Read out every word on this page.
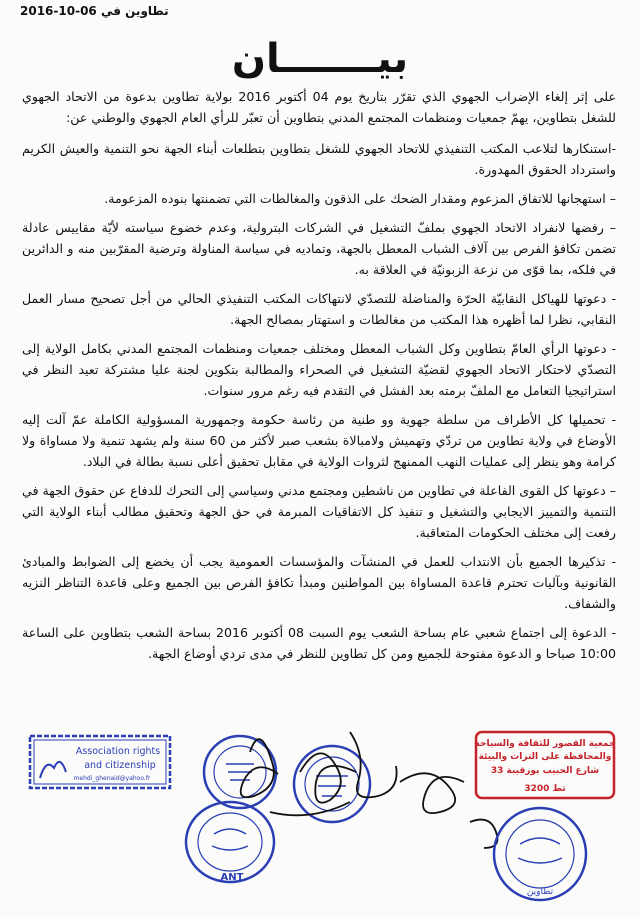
تطاوين في 06-10-2016
بيـــــــان

على إثر إلغاء الإضراب الجهوي الذي تقرّر بتاريخ يوم 04 أكتوبر 2016 بولاية تطاوين بدعوة من الاتحاد الجهوي للشغل بتطاوين، يهمّ جمعيات ومنظمات المجتمع المدني بتطاوين أن تعبّر للرأي العام الجهوي والوطني عن:

-استنكارها لتلاعب المكتب التنفيذي للاتحاد الجهوي للشغل بتطاوين بتطلعات أبناء الجهة نحو التنمية والعيش الكريم واسترداد الحقوق المهدورة.

– استهجانها للاتفاق المزعوم ومقدار الضحك على الذقون والمغالطات التي تضمنتها بنوده المزعومة.

– رفضها لانفراد الاتحاد الجهوي بملفّ التشغيل في الشركات البترولية، وعدم خضوع سياسته لأيّة مقاييس عادلة تضمن تكافؤ الفرص بين آلاف الشباب المعطل بالجهة، وتماديه في سياسة المناولة وترضية المقرّبين منه و الدائرين في فلكه، بما قوّى من نزعة الزبونيّة في العلاقة به.

- دعوتها للهياكل النقابيّة الحرّة والمناضلة للتصدّي لانتهاكات المكتب التنفيذي الحالي من أجل تصحيح مسار العمل النقابي، نظرا لما أظهره هذا المكتب من مغالطات و استهتار بمصالح الجهة.

- دعوتها الرأي العامّ بتطاوين وكل الشباب المعطل ومختلف جمعيات ومنظمات المجتمع المدني بكامل الولاية إلى التصدّي لاحتكار الاتحاد الجهوي لقضيّة التشغيل في الصحراء والمطالبة بتكوين لجنة عليا مشتركة تعيد النظر في استراتيجيا التعامل مع الملفّ برمته بعد الفشل في التقدم فيه رغم مرور سنوات.

- تحميلها كل الأطراف من سلطة جهوية وو طنية من رئاسة حكومة وجمهورية المسؤولية الكاملة عمّ آلت إليه الأوضاع في ولاية تطاوين من تردّي وتهميش ولامبالاة بشعب صبر لأكثر من 60 سنة ولم يشهد تنمية ولا مساواة ولا كرامة وهو ينظر إلى عمليات النهب الممنهج لثروات الولاية في مقابل تحقيق أعلى نسبة بطالة في البلاد.

– دعوتها كل القوى الفاعلة في تطاوين من ناشطين ومجتمع مدني وسياسي إلى التحرك للدفاع عن حقوق الجهة في التنمية والتمييز الايجابي والتشغيل و تنفيذ كل الاتفاقيات المبرمة في حق الجهة وتحقيق مطالب أبناء الولاية التي رفعت إلى مختلف الحكومات المتعاقبة.

- تذكيرها الجميع بأن الانتداب للعمل في المنشآت والمؤسسات العمومية يجب أن يخضع إلى الضوابط والمبادئ القانونية وبآليات تحترم قاعدة المساواة بين المواطنين ومبدأ تكافؤ الفرص بين الجميع وعلى قاعدة التناظر النزيه والشفاف.

- الدعوة إلى اجتماع شعبي عام بساحة الشعب يوم السبت 08 أكتوبر 2016 بساحة الشعب بتطاوين على الساعة 10:00 صباحا و الدعوة مفتوحة للجميع ومن كل تطاوين للنظر في مدى تردي أوضاع الجهة.

Association rights
and citizenship
mehdi_ghenaid@yahoo.fr
ANT
جمعية القصور للثقافة والسياحة
والمحافظة على التراث والبيئة
33 شارع الحبيب بورقيبة
تط 3200
تطاوين
